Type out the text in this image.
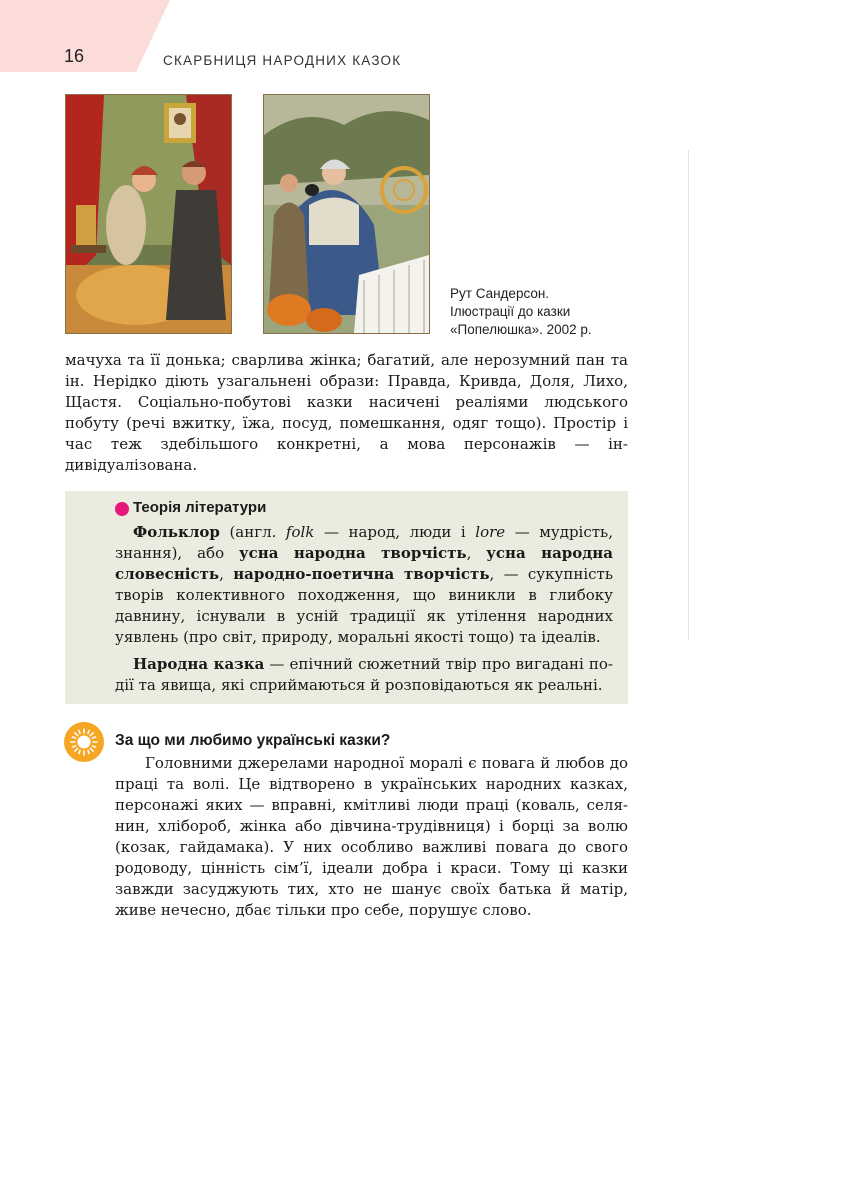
16	СКАРБНИЦЯ НАРОДНИХ КАЗОК
Рут Сандерсон.
Ілюстрації до казки
«Попелюшка». 2002 р.
мачуха та її донька; сварлива жінка; багатий, але нерозумний пан та ін. Нерідко діють узагальнені образи: Правда, Кривда, Доля, Лихо, Щастя. Соціально-побутові казки насичені реаліями людського побуту (речі вжитку, їжа, посуд, помешкання, одяг тощо). Простір і час теж здебільшого конкретні, а мова персонажів — індивідуалізована.
Теорія літератури
Фольклор (англ. folk — народ, люди і lore — мудрість, знання), або усна народна творчість, усна народна словесність, народно-поетична творчість, — сукупність творів колективного походження, що виникли в глибоку давнину, існували в усній традиції як утілення народних уявлень (про світ, природу, моральні якості тощо) та ідеалів.
Народна казка — епічний сюжетний твір про вигадані події та явища, які сприймаються й розповідаються як реальні.
За що ми любимо українські казки?
Головними джерелами народної моралі є повага й любов до праці та волі. Це відтворено в українських народних казках, персонажі яких — вправні, кмітливі люди праці (коваль, селянин, хлібороб, жінка або дівчина-трудівниця) і борці за волю (козак, гайдамака). У них особливо важливі повага до свого родоводу, цінність сім’ї, ідеали добра і краси. Тому ці казки завжди засуджують тих, хто не шанує своїх батька й матір, живе нечесно, дбає тільки про себе, порушує слово.
